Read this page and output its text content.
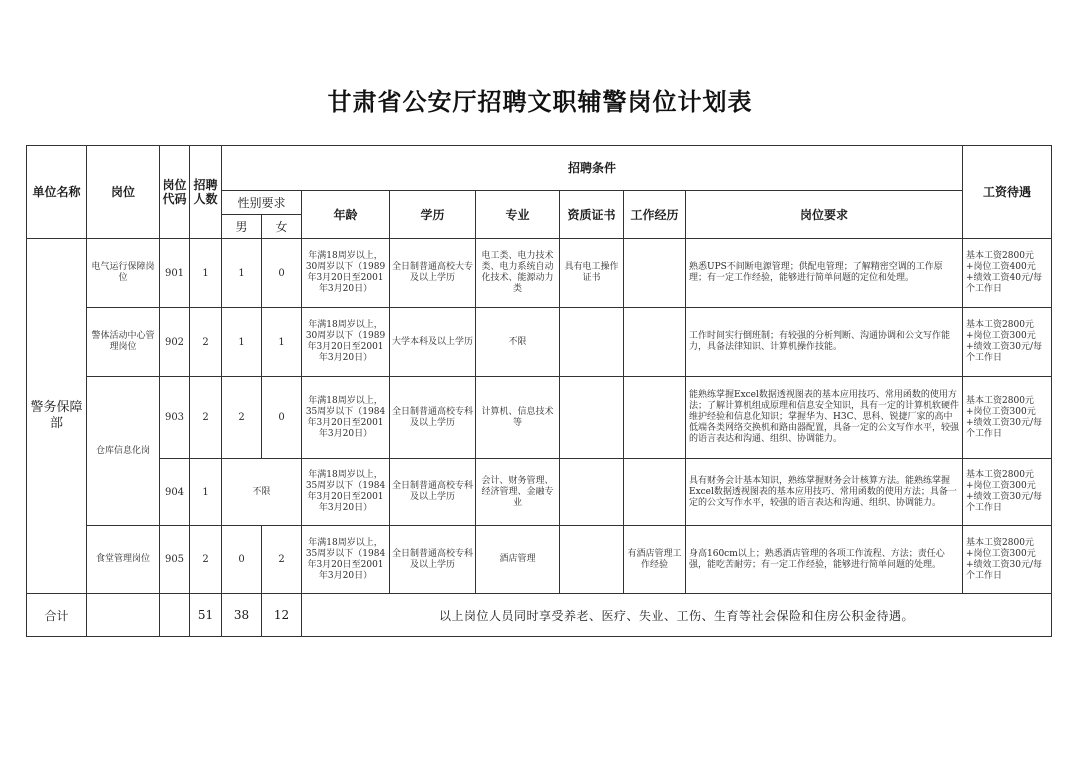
甘肃省公安厅招聘文职辅警岗位计划表
单位名称	岗位	岗位代码	招聘人数	招聘条件								工资待遇
				性别要求		年龄	学历	专业	资质证书	工作经历	岗位要求	
				男	女							
警务保障部	电气运行保障岗位	901	1	1	0	年满18周岁以上，30周岁以下（1989年3月20日至2001年3月20日）	全日制普通高校大专及以上学历	电工类、电力技术类、电力系统自动化技术、能源动力类	具有电工操作证书		熟悉UPS不间断电源管理；供配电管理；了解精密空调的工作原理；有一定工作经验，能够进行简单问题的定位和处理。	基本工资2800元+岗位工资400元+绩效工资40元/每个工作日
	警体活动中心管理岗位	902	2	1	1	年满18周岁以上，30周岁以下（1989年3月20日至2001年3月20日）	大学本科及以上学历	不限			工作时间实行倒班制；有较强的分析判断、沟通协调和公文写作能力，具备法律知识、计算机操作技能。	基本工资2800元+岗位工资300元+绩效工资30元/每个工作日
	仓库信息化岗	903	2	2	0	年满18周岁以上，35周岁以下（1984年3月20日至2001年3月20日）	全日制普通高校专科及以上学历	计算机、信息技术等			能熟练掌握Excel数据透视图表的基本应用技巧、常用函数的使用方法；了解计算机组成原理和信息安全知识，具有一定的计算机软硬件维护经验和信息化知识；掌握华为、H3C、思科、锐捷厂家的高中低端各类网络交换机和路由器配置，具备一定的公文写作水平，较强的语言表达和沟通、组织、协调能力。	基本工资2800元+岗位工资300元+绩效工资30元/每个工作日
		904	1	不限		年满18周岁以上，35周岁以下（1984年3月20日至2001年3月20日）	全日制普通高校专科及以上学历	会计、财务管理、经济管理、金融专业			具有财务会计基本知识，熟练掌握财务会计核算方法。能熟练掌握Excel数据透视图表的基本应用技巧、常用函数的使用方法；具备一定的公文写作水平，较强的语言表达和沟通、组织、协调能力。	基本工资2800元+岗位工资300元+绩效工资30元/每个工作日
	食堂管理岗位	905	2	0	2	年满18周岁以上，35周岁以下（1984年3月20日至2001年3月20日）	全日制普通高校专科及以上学历	酒店管理		有酒店管理工作经验	身高160cm以上；熟悉酒店管理的各项工作流程、方法；责任心强，能吃苦耐劳；有一定工作经验，能够进行简单问题的处理。	基本工资2800元+岗位工资300元+绩效工资30元/每个工作日
合计			51	38	12	以上岗位人员同时享受养老、医疗、失业、工伤、生育等社会保险和住房公积金待遇。						
